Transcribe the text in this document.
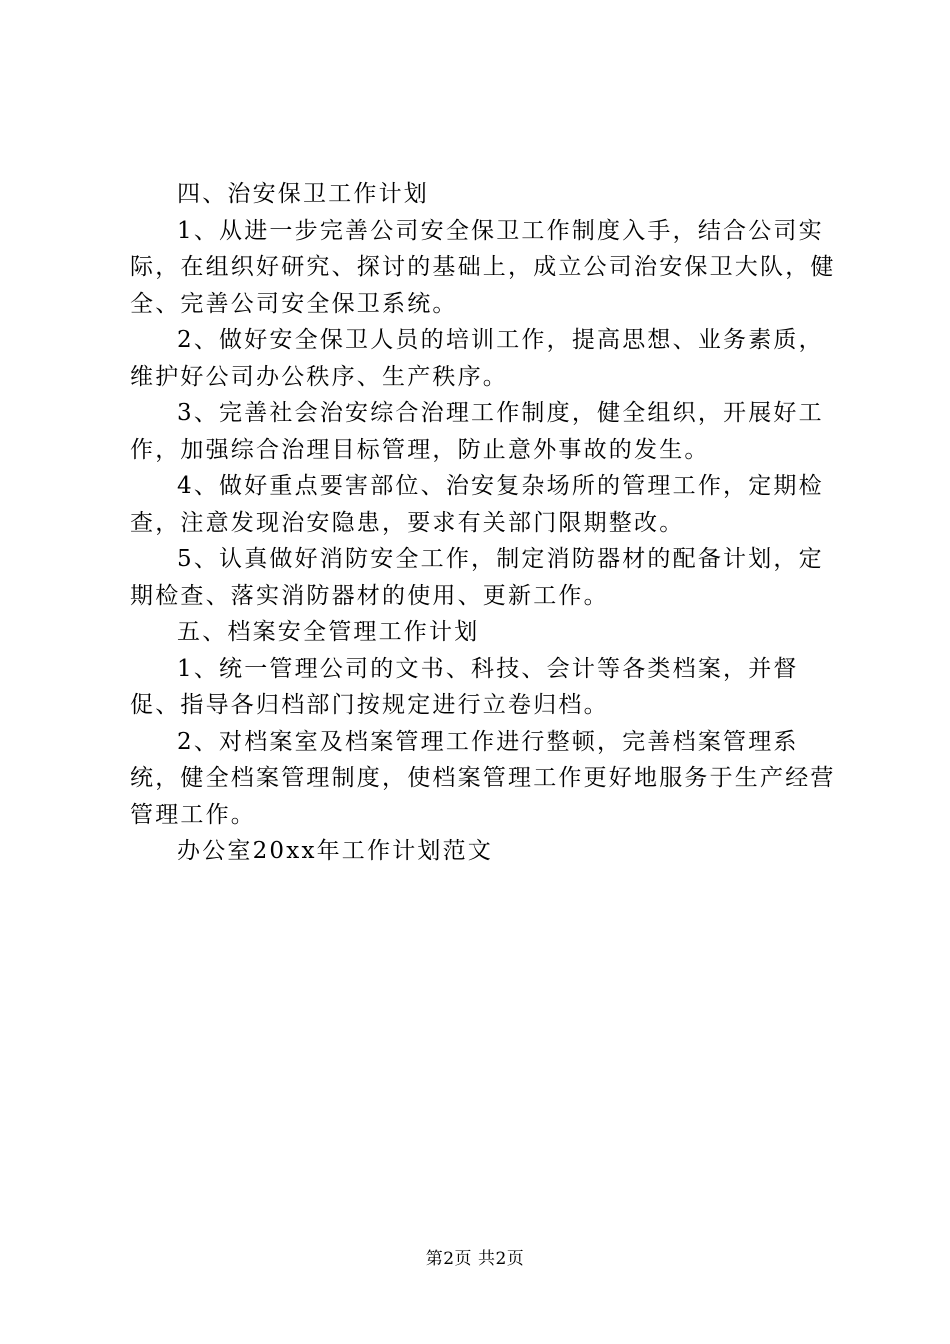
四、治安保卫工作计划

1、从进一步完善公司安全保卫工作制度入手，结合公司实际，在组织好研究、探讨的基础上，成立公司治安保卫大队，健全、完善公司安全保卫系统。

2、做好安全保卫人员的培训工作，提高思想、业务素质，维护好公司办公秩序、生产秩序。

3、完善社会治安综合治理工作制度，健全组织，开展好工作，加强综合治理目标管理，防止意外事故的发生。

4、做好重点要害部位、治安复杂场所的管理工作，定期检查，注意发现治安隐患，要求有关部门限期整改。

5、认真做好消防安全工作，制定消防器材的配备计划，定期检查、落实消防器材的使用、更新工作。

五、档案安全管理工作计划

1、统一管理公司的文书、科技、会计等各类档案，并督促、指导各归档部门按规定进行立卷归档。

2、对档案室及档案管理工作进行整顿，完善档案管理系统，健全档案管理制度，使档案管理工作更好地服务于生产经营管理工作。

办公室20xx年工作计划范文

第2页 共2页
